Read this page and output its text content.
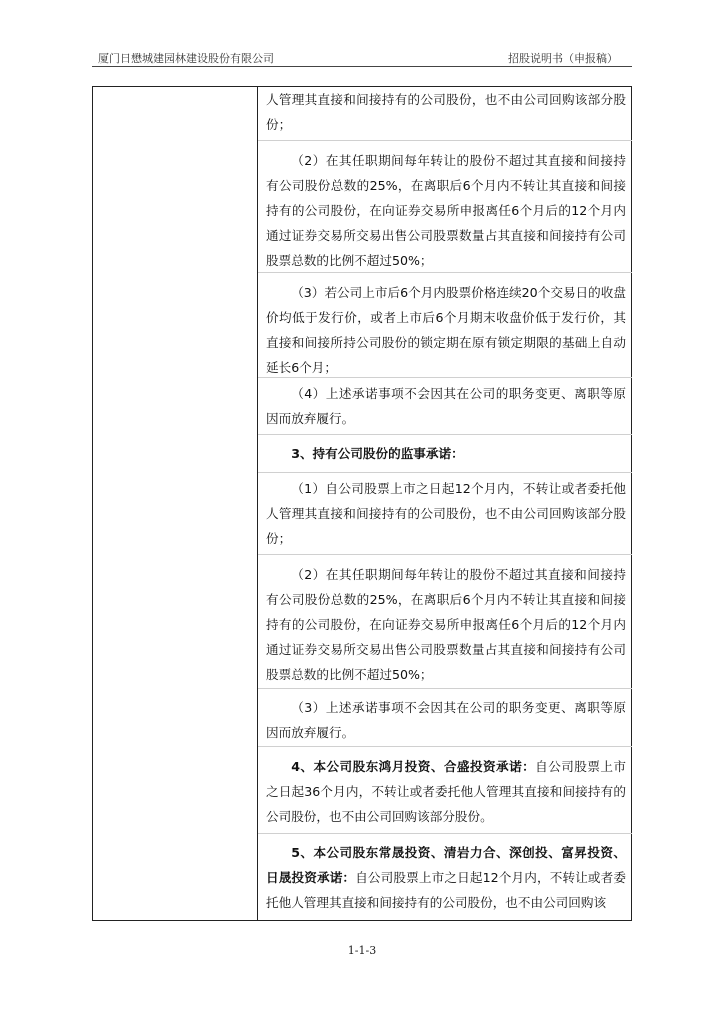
厦门日懋城建园林建设股份有限公司	招股说明书（申报稿）

人管理其直接和间接持有的公司股份，也不由公司回购该部分股份；

（2）在其任职期间每年转让的股份不超过其直接和间接持有公司股份总数的25%，在离职后6个月内不转让其直接和间接持有的公司股份，在向证券交易所申报离任6个月后的12个月内通过证券交易所交易出售公司股票数量占其直接和间接持有公司股票总数的比例不超过50%；

（3）若公司上市后6个月内股票价格连续20个交易日的收盘价均低于发行价，或者上市后6个月期末收盘价低于发行价，其直接和间接所持公司股份的锁定期在原有锁定期限的基础上自动延长6个月；

（4）上述承诺事项不会因其在公司的职务变更、离职等原因而放弃履行。

3、持有公司股份的监事承诺：

（1）自公司股票上市之日起12个月内，不转让或者委托他人管理其直接和间接持有的公司股份，也不由公司回购该部分股份；

（2）在其任职期间每年转让的股份不超过其直接和间接持有公司股份总数的25%，在离职后6个月内不转让其直接和间接持有的公司股份，在向证券交易所申报离任6个月后的12个月内通过证券交易所交易出售公司股票数量占其直接和间接持有公司股票总数的比例不超过50%；

（3）上述承诺事项不会因其在公司的职务变更、离职等原因而放弃履行。

4、本公司股东鸿月投资、合盛投资承诺：自公司股票上市之日起36个月内，不转让或者委托他人管理其直接和间接持有的公司股份，也不由公司回购该部分股份。

5、本公司股东常晟投资、清岩力合、深创投、富昇投资、日晟投资承诺：自公司股票上市之日起12个月内，不转让或者委托他人管理其直接和间接持有的公司股份，也不由公司回购该

1-1-3
